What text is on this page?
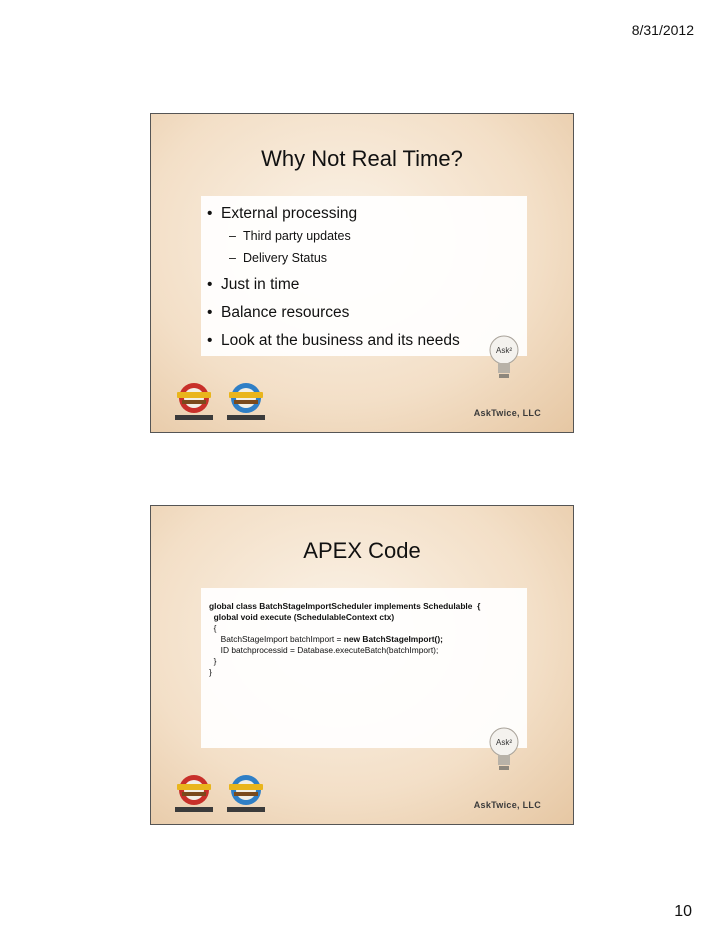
8/31/2012
Why Not Real Time?
• External processing
– Third party updates
– Delivery Status
• Just in time
• Balance resources
• Look at the business and its needs
Ask²
AskTwice, LLC
APEX Code
global class BatchStageImportScheduler implements Schedulable  {
global void execute (SchedulableContext ctx)
{
BatchStageImport batchImport = new BatchStageImport();
ID batchprocessid = Database.executeBatch(batchImport);
}
}
Ask²
AskTwice, LLC
10
